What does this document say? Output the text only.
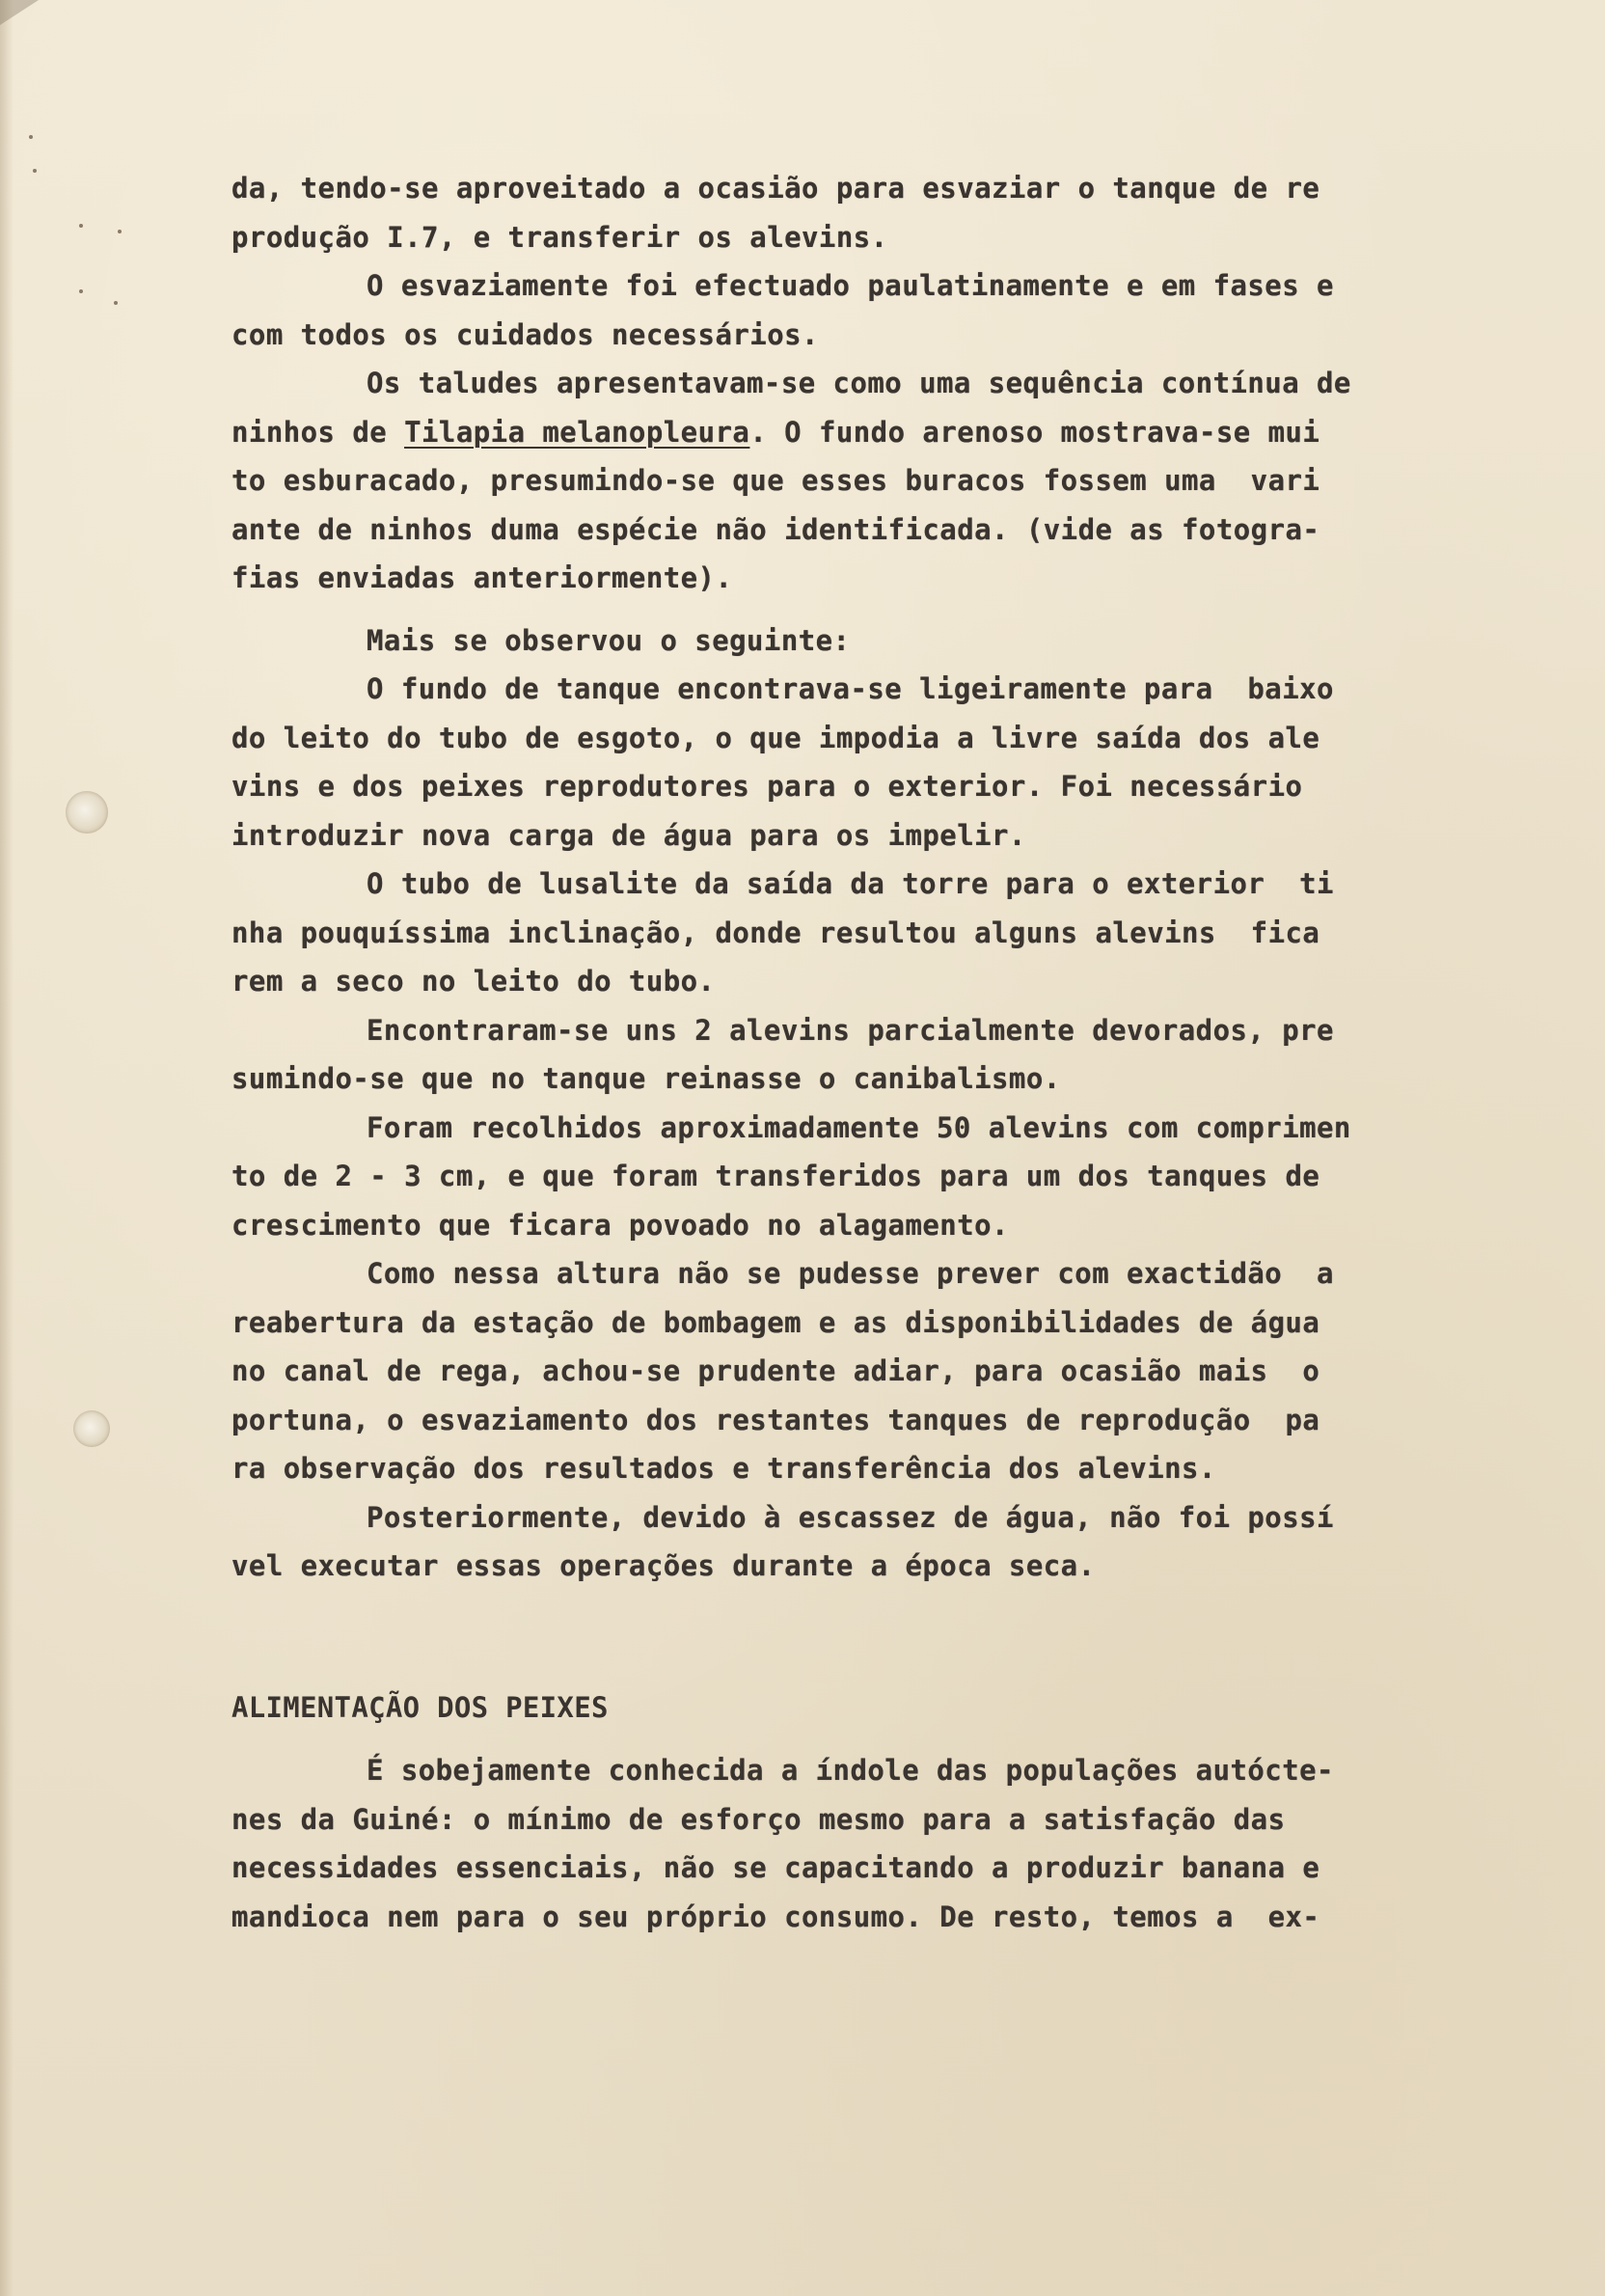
da, tendo-se aproveitado a ocasião para esvaziar o tanque de re
produção I.7, e transferir os alevins.
O esvaziamente foi efectuado paulatinamente e em fases e
com todos os cuidados necessários.
Os taludes apresentavam-se como uma sequência contínua de
ninhos de Tilapia melanopleura. O fundo arenoso mostrava-se mui
to esburacado, presumindo-se que esses buracos fossem uma  vari
ante de ninhos duma espécie não identificada. (vide as fotogra-
fias enviadas anteriormente).
Mais se observou o seguinte:
O fundo de tanque encontrava-se ligeiramente para  baixo
do leito do tubo de esgoto, o que impodia a livre saída dos ale
vins e dos peixes reprodutores para o exterior. Foi necessário
introduzir nova carga de água para os impelir.
O tubo de lusalite da saída da torre para o exterior  ti
nha pouquíssima inclinação, donde resultou alguns alevins  fica
rem a seco no leito do tubo.
Encontraram-se uns 2 alevins parcialmente devorados, pre
sumindo-se que no tanque reinasse o canibalismo.
Foram recolhidos aproximadamente 50 alevins com comprimen
to de 2 - 3 cm, e que foram transferidos para um dos tanques de
crescimento que ficara povoado no alagamento.
Como nessa altura não se pudesse prever com exactidão  a
reabertura da estação de bombagem e as disponibilidades de água
no canal de rega, achou-se prudente adiar, para ocasião mais  o
portuna, o esvaziamento dos restantes tanques de reprodução  pa
ra observação dos resultados e transferência dos alevins.
Posteriormente, devido à escassez de água, não foi possí
vel executar essas operações durante a época seca.
ALIMENTAÇÃO DOS PEIXES
É sobejamente conhecida a índole das populações autócte-
nes da Guiné: o mínimo de esforço mesmo para a satisfação das
necessidades essenciais, não se capacitando a produzir banana e
mandioca nem para o seu próprio consumo. De resto, temos a  ex-
